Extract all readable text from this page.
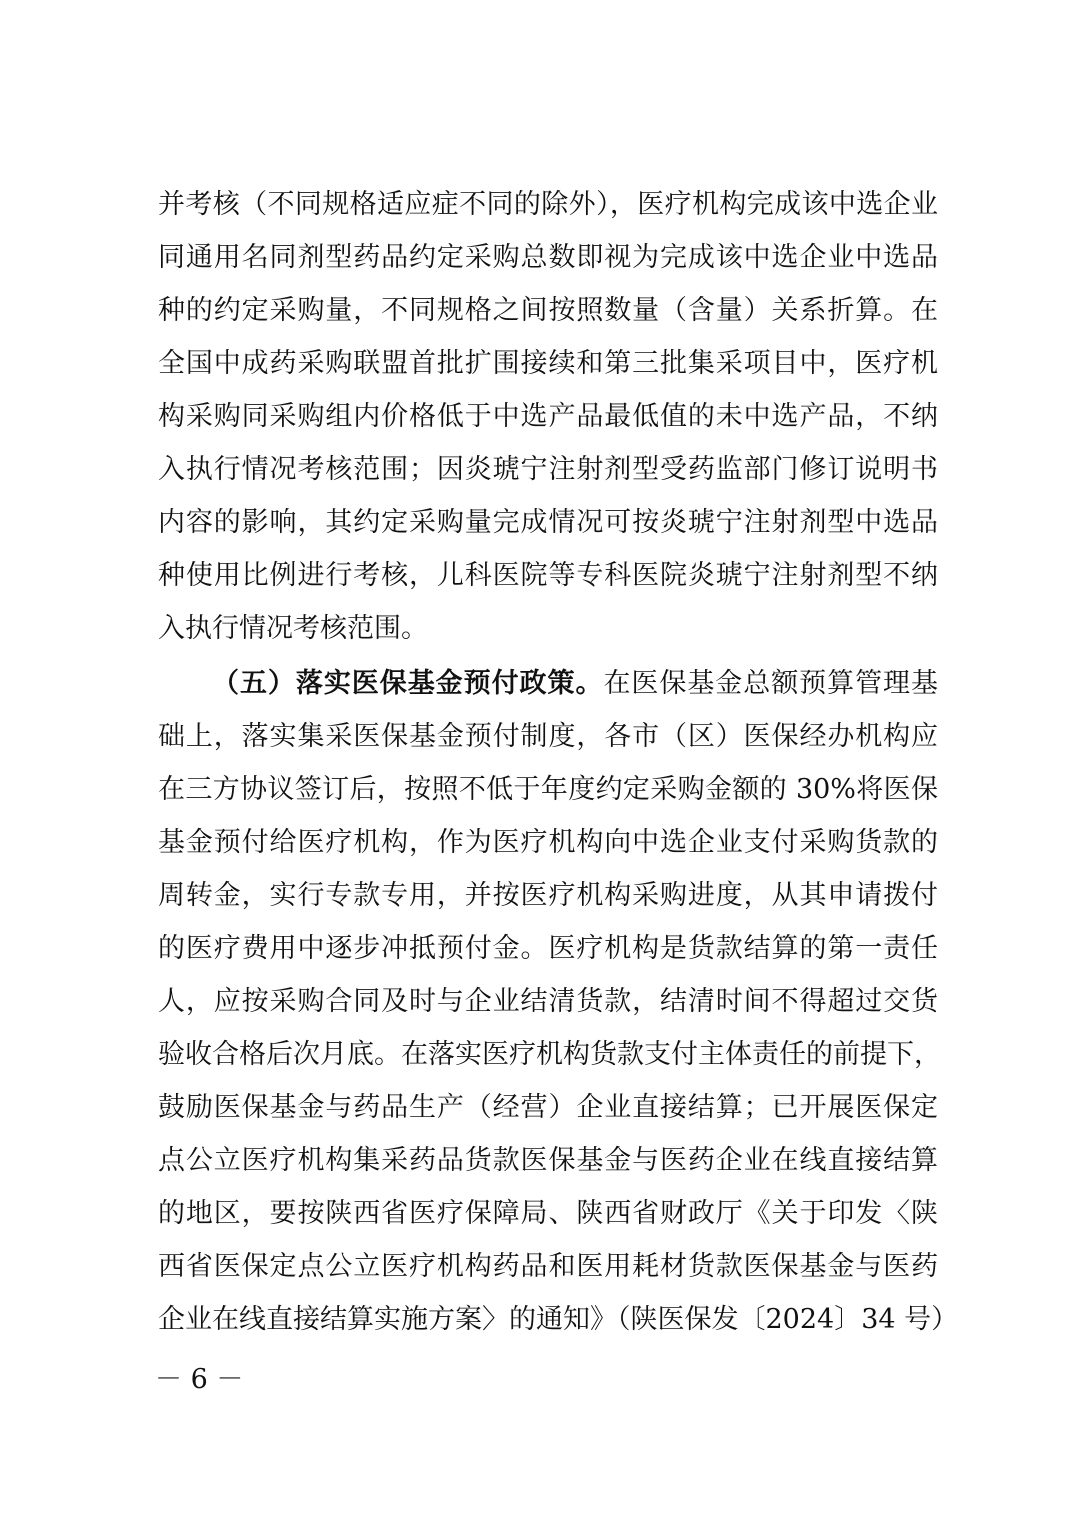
并考核（不同规格适应症不同的除外），医疗机构完成该中选企业
同通用名同剂型药品约定采购总数即视为完成该中选企业中选品
种的约定采购量，不同规格之间按照数量（含量）关系折算。在
全国中成药采购联盟首批扩围接续和第三批集采项目中，医疗机
构采购同采购组内价格低于中选产品最低值的未中选产品，不纳
入执行情况考核范围；因炎琥宁注射剂型受药监部门修订说明书
内容的影响，其约定采购量完成情况可按炎琥宁注射剂型中选品
种使用比例进行考核，儿科医院等专科医院炎琥宁注射剂型不纳
入执行情况考核范围。
（五）落实医保基金预付政策。在医保基金总额预算管理基
础上，落实集采医保基金预付制度，各市（区）医保经办机构应
在三方协议签订后，按照不低于年度约定采购金额的 30%将医保
基金预付给医疗机构，作为医疗机构向中选企业支付采购货款的
周转金，实行专款专用，并按医疗机构采购进度，从其申请拨付
的医疗费用中逐步冲抵预付金。医疗机构是货款结算的第一责任
人，应按采购合同及时与企业结清货款，结清时间不得超过交货
验收合格后次月底。在落实医疗机构货款支付主体责任的前提下，
鼓励医保基金与药品生产（经营）企业直接结算；已开展医保定
点公立医疗机构集采药品货款医保基金与医药企业在线直接结算
的地区，要按陕西省医疗保障局、陕西省财政厅《关于印发〈陕
西省医保定点公立医疗机构药品和医用耗材货款医保基金与医药
企业在线直接结算实施方案〉的通知》（陕医保发〔2024〕34 号）
－ 6 －
